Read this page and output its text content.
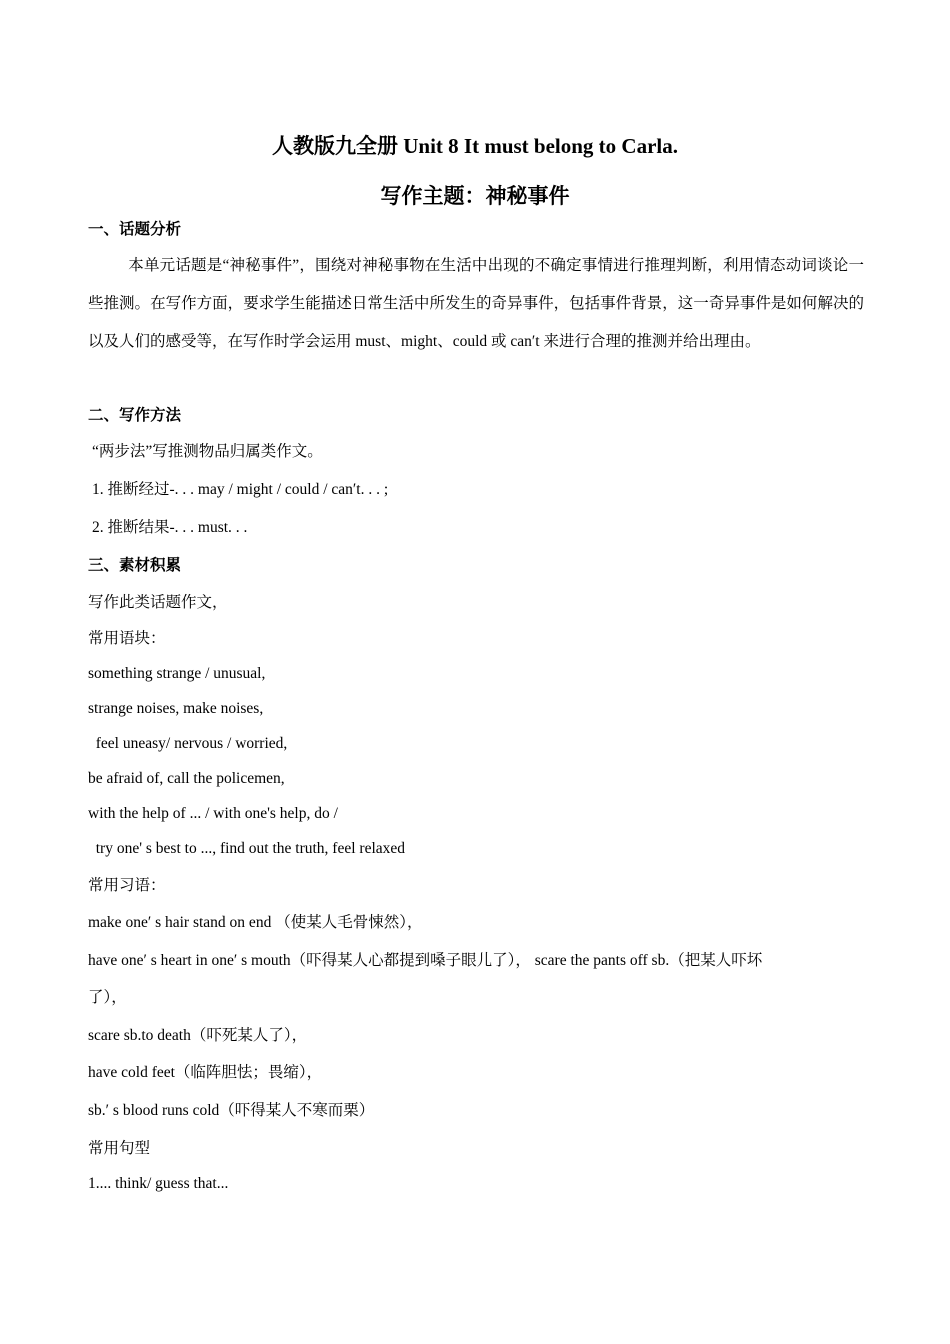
人教版九全册 Unit 8 It must belong to Carla.
写作主题：神秘事件
一、话题分析
本单元话题是“神秘事件”，围绕对神秘事物在生活中出现的不确定事情进行推理判断，利用情态动词谈论一些推测。在写作方面，要求学生能描述日常生活中所发生的奇异事件，包括事件背景，这一奇异事件是如何解决的以及人们的感受等，在写作时学会运用 must、might、could 或 can′t 来进行合理的推测并给出理由。
二、写作方法
“两步法”写推测物品归属类作文。
1. 推断经过-. . . may / might / could / can′t. . . ;
2. 推断结果-. . . must. . .
三、素材积累
写作此类话题作文，
常用语块：
something strange / unusual,
strange noises, make noises,
feel uneasy/ nervous / worried,
be afraid of, call the policemen,
with the help of ... / with one's help, do /
try one' s best to ..., find out the truth, feel relaxed
常用习语：
make one′ s hair stand on end （使某人毛骨悚然），
have one′ s heart in one′ s mouth（吓得某人心都提到嗓子眼儿了）， scare the pants off sb.（把某人吓坏
了），
scare sb.to death（吓死某人了），
have cold feet（临阵胆怯；畏缩），
sb.′ s blood runs cold（吓得某人不寒而栗）
常用句型
1.... think/ guess that...
